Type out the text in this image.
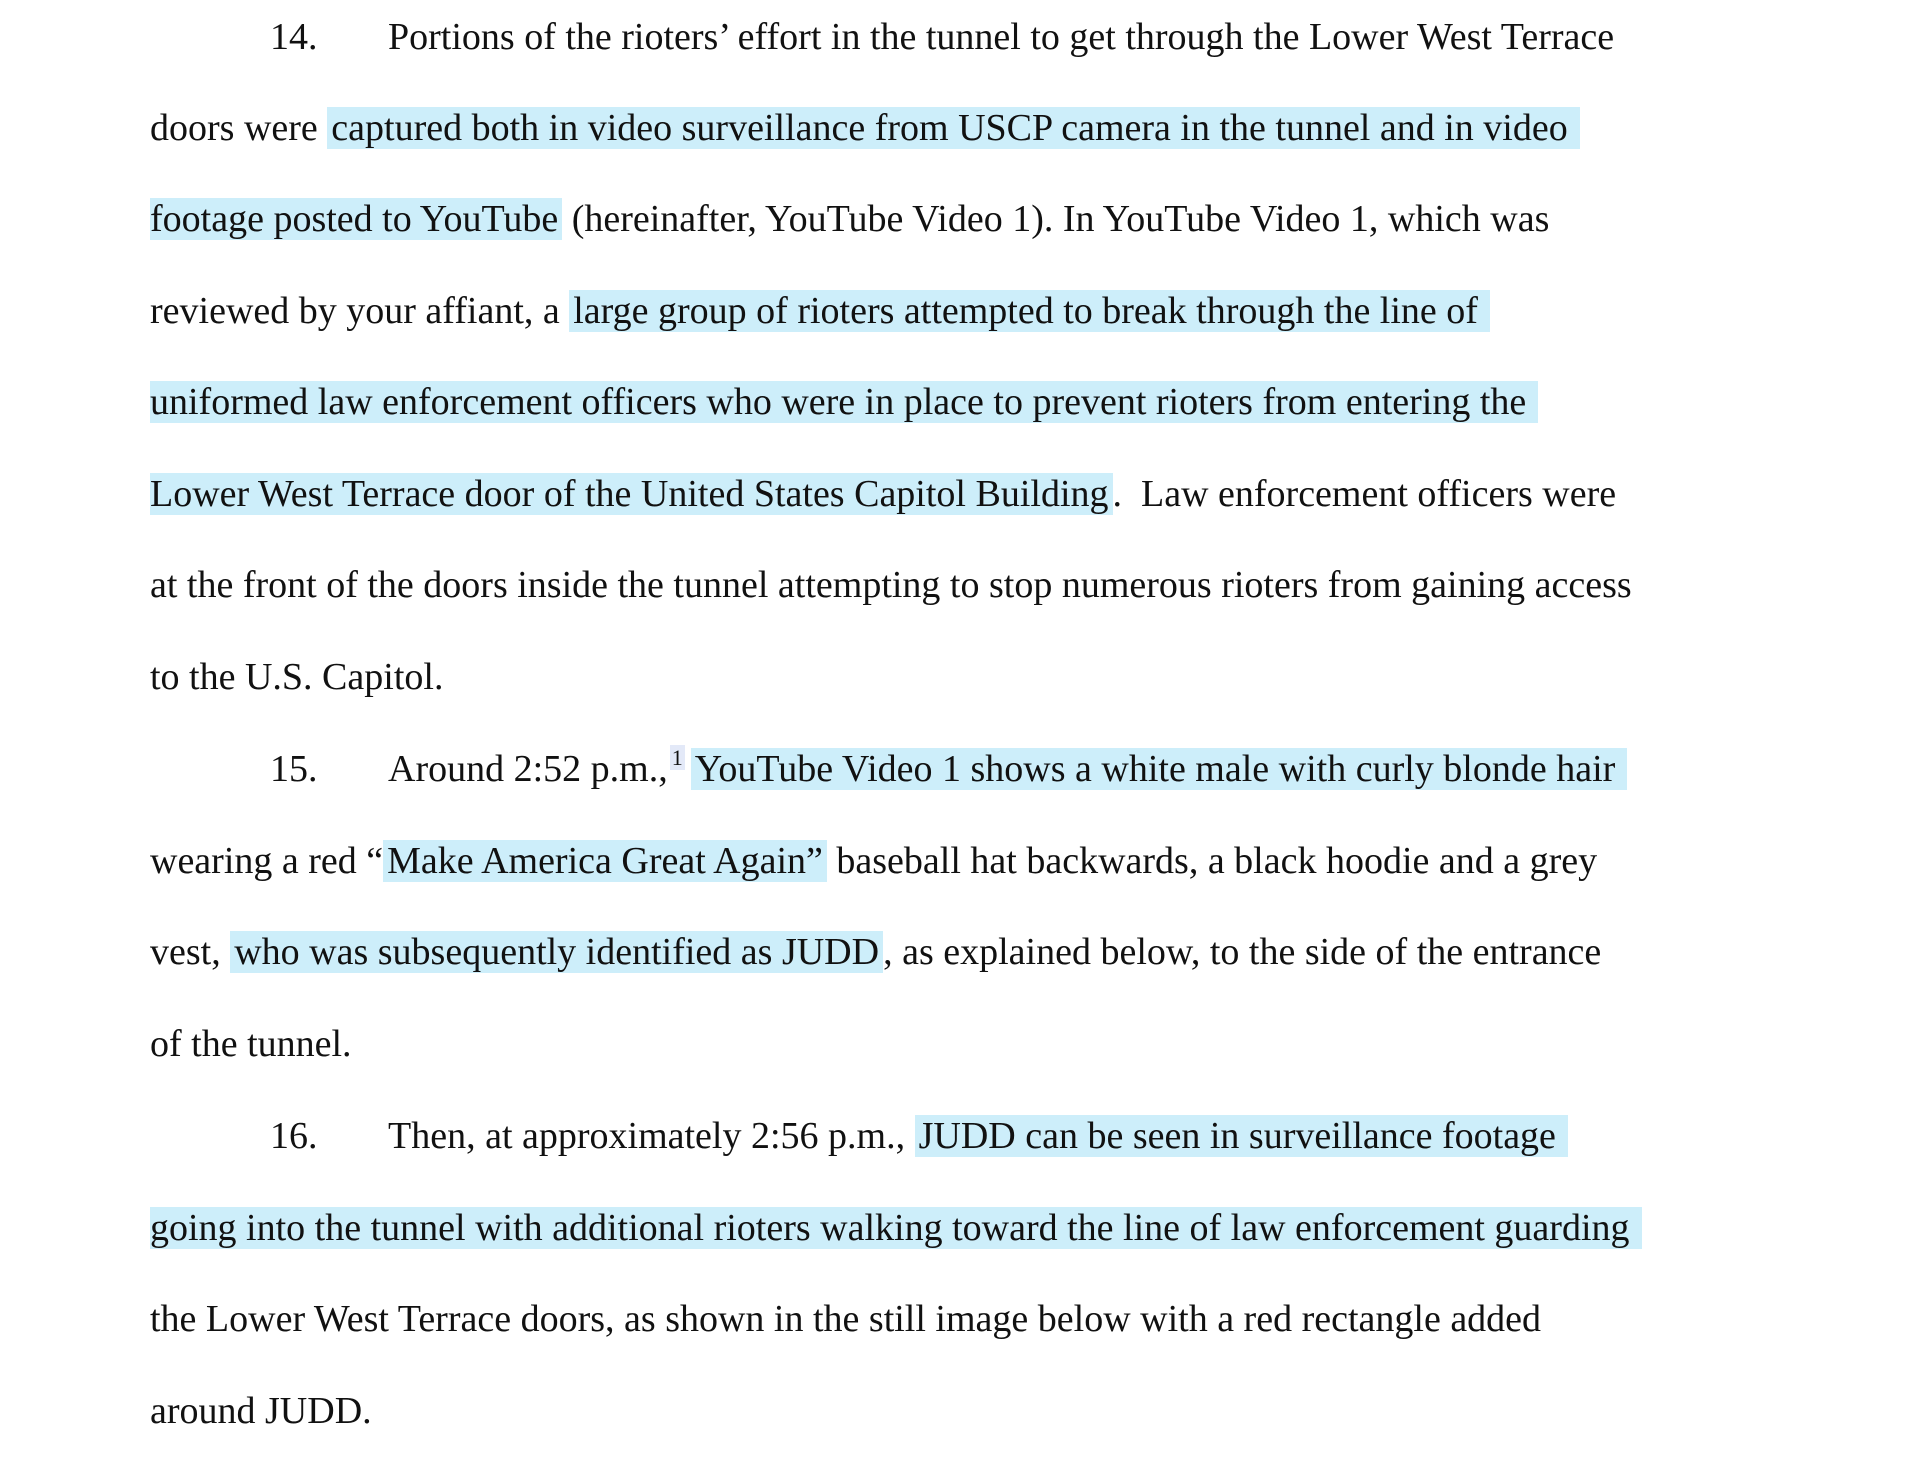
14. Portions of the rioters’ effort in the tunnel to get through the Lower West Terrace
doors were captured both in video surveillance from USCP camera in the tunnel and in video
footage posted to YouTube (hereinafter, YouTube Video 1). In YouTube Video 1, which was
reviewed by your affiant, a large group of rioters attempted to break through the line of
uniformed law enforcement officers who were in place to prevent rioters from entering the
Lower West Terrace door of the United States Capitol Building .  Law enforcement officers were
at the front of the doors inside the tunnel attempting to stop numerous rioters from gaining access
to the U.S. Capitol.
15. Around 2:52 p.m., $^1$ YouTube Video 1 shows a white male with curly blonde hair
wearing a red “ Make America Great Again” baseball hat backwards, a black hoodie and a grey
vest, who was subsequently identified as JUDD , as explained below, to the side of the entrance
of the tunnel.
16. Then, at approximately 2:56 p.m., JUDD can be seen in surveillance footage
going into the tunnel with additional rioters walking toward the line of law enforcement guarding
the Lower West Terrace doors, as shown in the still image below with a red rectangle added
around JUDD.
